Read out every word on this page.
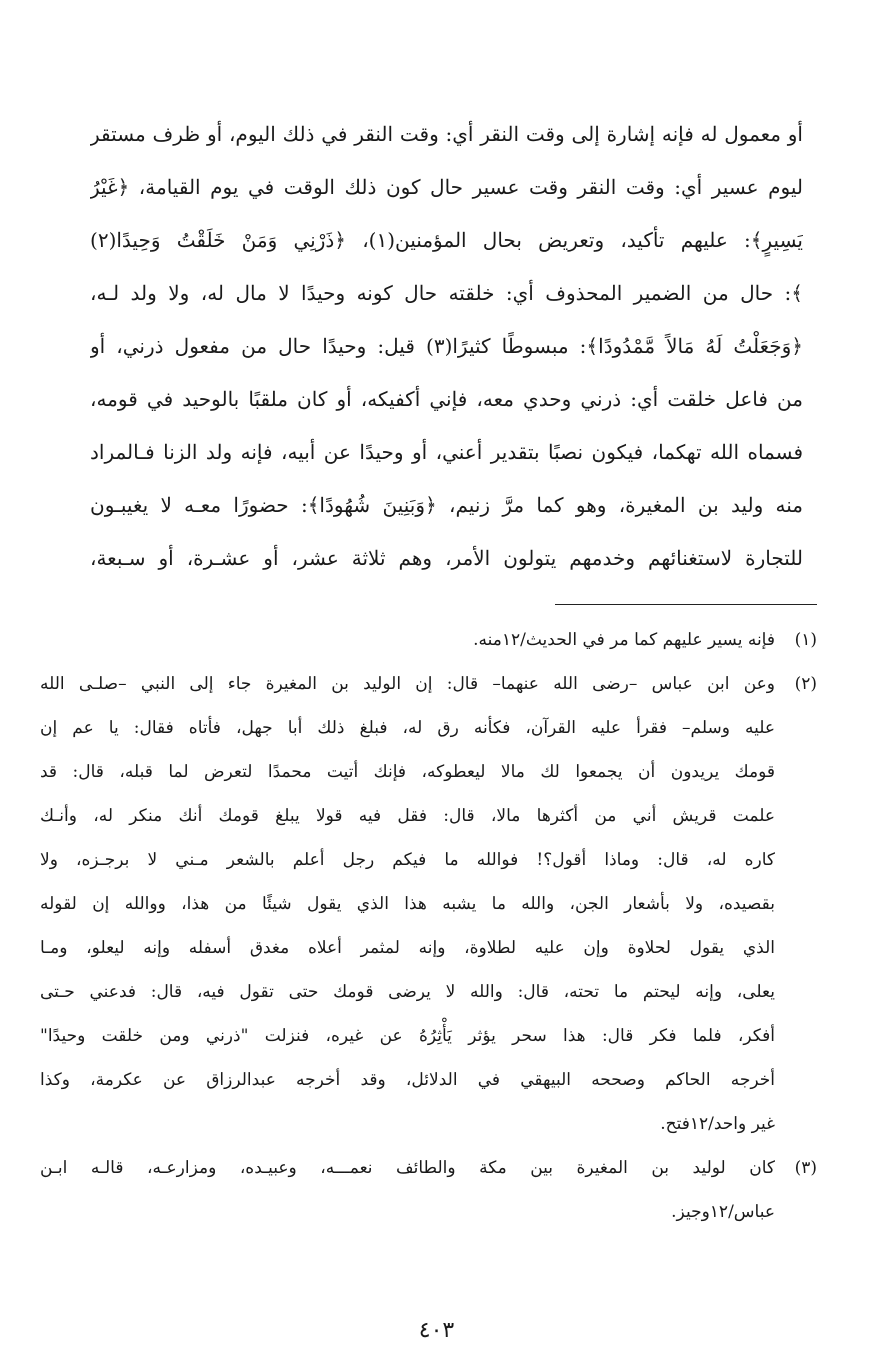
أو معمول له فإنه إشارة إلى وقت النقر أي: وقت النقر في ذلك اليوم، أو ظرف مستقر
ليوم عسير أي: وقت النقر وقت عسير حال كون ذلك الوقت في يوم القيامة، ﴿غَيْرُ
يَسِيرٍ﴾: عليهم تأكيد، وتعريض بحال المؤمنين(١)، ﴿ذَرْنِي وَمَنْ خَلَقْتُ وَحِيدًا(٢)
﴾: حال من الضمير المحذوف أي: خلقته حال كونه وحيدًا لا مال له، ولا ولد لـه،
﴿وَجَعَلْتُ لَهُ مَالاً مَّمْدُودًا﴾: مبسوطًا كثيرًا(٣) قيل: وحيدًا حال من مفعول ذرني، أو
من فاعل خلقت أي: ذرني وحدي معه، فإني أكفيكه، أو كان ملقبًا بالوحيد في قومه،
فسماه الله تهكما، فيكون نصبًا بتقدير أعني، أو وحيدًا عن أبيه، فإنه ولد الزنا فـالمراد
منه وليد بن المغيرة، وهو كما مرَّ زنيم، ﴿وَبَنِينَ شُهُودًا﴾: حضورًا معـه لا يغيبـون
للتجارة لاستغنائهم وخدمهم يتولون الأمر، وهم ثلاثة عشر، أو عشـرة، أو سـبعة،
(١)فإنه يسير عليهم كما مر في الحديث/١٢منه.
(٢)وعن ابن عباس –رضى الله عنهما– قال: إن الوليد بن المغيرة جاء إلى النبي –صلـى الله
عليه وسلم– فقرأ عليه القرآن، فكأنه رق له، فبلغ ذلك أبا جهل، فأتاه فقال: يا عم إن
قومك يريدون أن يجمعوا لك مالا ليعطوكه، فإنك أتيت محمدًا لتعرض لما قبله، قال: قد
علمت قريش أني من أكثرها مالا، قال: فقل فيه قولا يبلغ قومك أنك منكر له، وأنـك
كاره له، قال: وماذا أقول؟! فوالله ما فيكم رجل أعلم بالشعر مـني لا برجـزه، ولا
بقصيده، ولا بأشعار الجن، والله ما يشبه هذا الذي يقول شيئًا من هذا، ووالله إن لقوله
الذي يقول لحلاوة وإن عليه لطلاوة، وإنه لمثمر أعلاه مغدق أسفله وإنه ليعلو، ومـا
يعلى، وإنه ليحتم ما تحته، قال: والله لا يرضى قومك حتى تقول فيه، قال: فدعني حـتى
أفكر، فلما فكر قال: هذا سحر يؤثر يَأْثِرُهُ عن غيره، فنزلت "ذرني ومن خلقت وحيدًا"
أخرجه الحاكم وصححه البيهقي في الدلائل، وقد أخرجه عبدالرزاق عن عكرمة، وكذا
غير واحد/١٢فتح.
(٣)كان لوليد بن المغيرة بين مكة والطائف نعمـــه، وعبيـده، ومزارعـه، قالـه ابـن
عباس/١٢وجيز.
٤٠٣
